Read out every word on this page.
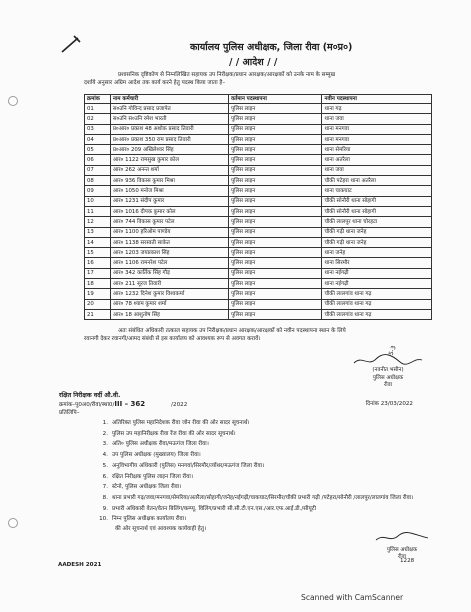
कार्यालय पुलिस अधीक्षक, जिला रीवा (म०प्र०)
/ / आदेश / /
प्रशासनिक दृष्टिकोण से निम्नलिखित सहायक उप निरीक्षक/प्रधान आरक्षक/आरक्षकों को उनके नाम के सम्मुख
दर्शाये अनुसार अग्रिम आदेश तक कार्य करने हेतु पदस्थ किया जाता है–
क्रमांक	नाम कर्मचारी	वर्तमान पदस्थापना	नवीन पदस्थापना
01	स०उनि गोविन्द प्रसाद प्रजापेत	पुलिस लाइन	थाना गढ़
02	स०उनि स०उनि रमेश भारती	पुलिस लाइन	थाना जवा
03	प्र०आर० प्रकाश 48 अशोक प्रसाद तिवारी	पुलिस लाइन	थाना मनगवा
04	प्र०आर० प्रकाश 350 राम प्रसाद तिवारी	पुलिस लाइन	थाना मनगवा
05	प्र०आर० 209 अखिलेश्वर सिंह	पुलिस लाइन	थाना सेमरिया
06	आर० 1122 रामसुख कुमार कोल	पुलिस लाइन	थाना अतरैला
07	आर० 262 अनन्त शर्मा	पुलिस लाइन	थाना जवा
08	आर० 936 विकास कुमार मिश्रा	पुलिस लाइन	चौकी पटेहरा थाना अतरैला
09	आर० 1050 मनोज मिश्रा	पुलिस लाइन	थाना चाकघाट
10	आर० 1231 संदीप कुमार	पुलिस लाइन	चौकी सोनौरी थाना सोहागी
11	आर० 1016 दीपक कुमार कोल	पुलिस लाइन	चौकी सोनौरी थाना सोहागी
12	आर० 744 विकास कुमार पटेल	पुलिस लाइन	चौकी लालपुर थाना चोरहटा
13	आर० 1100 हरिओम पाण्डेय	पुलिस लाइन	चौकी गढ़ी थाना जनेह
14	आर० 1138 सरस्वती साकेत	पुलिस लाइन	चौकी गढ़ी थाना जनेह
15	आर० 1203 जयप्रकाश सिंह	पुलिस लाइन	थाना जनेह
16	आर० 1106 रामनरेश पटेल	पुलिस लाइन	थाना सिरमौर
17	आर० 342 कार्तिक सिंह गौड़	पुलिस लाइन	थाना नईगढ़ी
18	आर० 211 सूरज तिवारी	पुलिस लाइन	थाना नईगढ़ी
19	आर० 1232 दिनेश कुमार विश्वकर्मा	पुलिस लाइन	चौकी लालगांव थाना गढ़
20	आर० 78 श्याम कुमार शर्मा	पुलिस लाइन	चौकी लालगांव थाना गढ़
21	आर० 18 आशुतोष सिंह	पुलिस लाइन	चौकी लालगांव थाना गढ़
अतः संबंधित अधिकारी तत्काल सहायक उप निरीक्षक/प्रधान आरक्षक/आरक्षकों को नवीन पदस्थापना स्थान के लिये
रवानगी देकर रवानगी/आमद संबंधी से इस कार्यालय को आवश्यक रूप से अवगत करावें।
5-3
(नवनीत भसीन)
पुलिस अधीक्षक
रीवा
रक्षित निरीक्षक वर्दी औ.वी.
क्रमांक–पु0अ0/रीवा/स्था0/III – 362	/2022	दिनांक 23/03/2022
प्रतिलिपि–
1. अतिरिक्त पुलिस महानिदेशक रीवा जोन रीवा की ओर सादर सूचनार्थ।
2. पुलिस उप महानिरीक्षक रीवा रेंज रीवा की ओर सादर सूचनार्थ।
3. अति० पुलिस अधीक्षक रीवा/मऊगंज जिला रीवा।
4. उप पुलिस अधीक्षक (मुख्यालय) जिला रीवा।
5. अनुविभागीय अधिकारी (पुलिस) मनगवां/सिरमौर/त्योंथर/मऊगंज जिला रीवा।
6. रक्षित निरीक्षक पुलिस लाइन जिला रीवा।
7. स्टेनो, पुलिस अधीक्षक जिला रीवा।
8. थाना प्रभारी गढ़/जवा/मनगवा/सेमरिया/अतरैला/सोहागी/जनेह/नईगढ़ी/चाकघाट/सिरमौर/चौकी प्रभारी गढ़ी /पटेहरा/सोनौरी /लालपुर/लालगांव जिला रीवा।
9. प्रभारी अधिकारी वेतन/वेतन बिलिंग/कम्प्यू. विलिंग/प्रभारी सी.सी.टी.एन.एस./आर.एफ.आई.डी./सीयूटी
10. निम्न पुलिस अधीक्षक कार्यालय रीवा।
की ओर सूचनार्थ एवं आवश्यक कार्यवाही हेतु।
पुलिस अधीक्षक
रीवा
AADESH 2021
1228
Scanned with CamScanner
